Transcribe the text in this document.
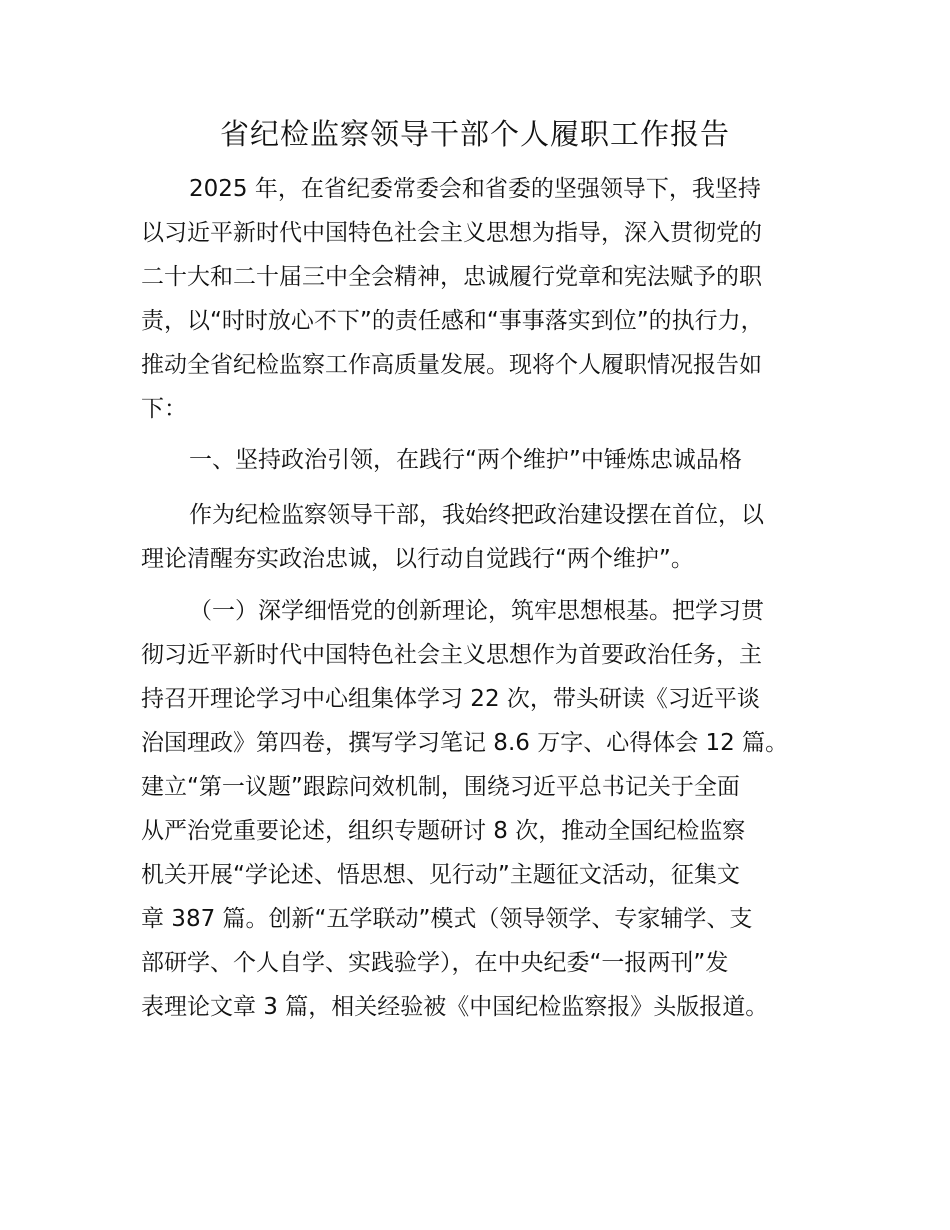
省纪检监察领导干部个人履职工作报告

2025 年，在省纪委常委会和省委的坚强领导下，我坚持

以习近平新时代中国特色社会主义思想为指导，深入贯彻党的

二十大和二十届三中全会精神，忠诚履行党章和宪法赋予的职

责，以“时时放心不下”的责任感和“事事落实到位”的执行力，

推动全省纪检监察工作高质量发展。现将个人履职情况报告如

下：

一、坚持政治引领，在践行“两个维护”中锤炼忠诚品格

作为纪检监察领导干部，我始终把政治建设摆在首位，以

理论清醒夯实政治忠诚，以行动自觉践行“两个维护”。

（一）深学细悟党的创新理论，筑牢思想根基。把学习贯

彻习近平新时代中国特色社会主义思想作为首要政治任务，主

持召开理论学习中心组集体学习 22 次，带头研读《习近平谈

治国理政》第四卷，撰写学习笔记 8.6 万字、心得体会 12 篇。

建立“第一议题”跟踪问效机制，围绕习近平总书记关于全面

从严治党重要论述，组织专题研讨 8 次，推动全国纪检监察

机关开展“学论述、悟思想、见行动”主题征文活动，征集文

章 387 篇。创新“五学联动”模式（领导领学、专家辅学、支

部研学、个人自学、实践验学），在中央纪委“一报两刊”发

表理论文章 3 篇，相关经验被《中国纪检监察报》头版报道。
